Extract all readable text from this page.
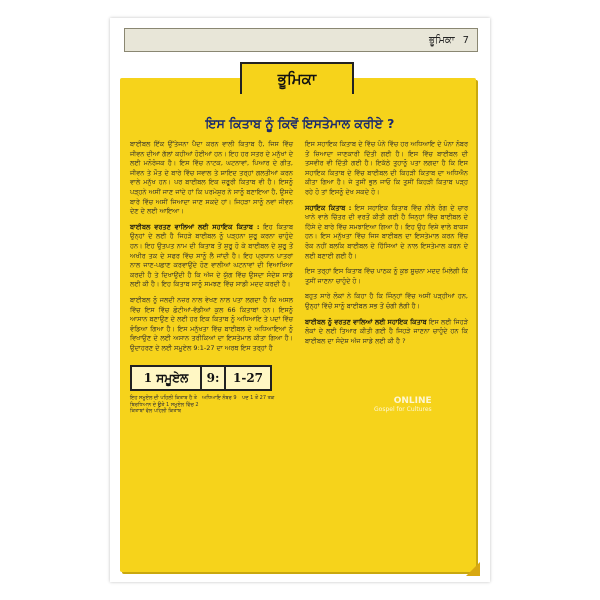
ਭੂਮਿਕਾ 7
ਭੂਮਿਕਾ
ਇਸ ਕਿਤਾਬ ਨੂੰ ਕਿਵੇਂ ਇਸਤੇਮਾਲ ਕਰੀਏ ?

ਬਾਈਬਲ ਇੱਕ ਉੱਤੇਜਨਾ ਪੈਦਾ ਕਰਨ ਵਾਲੀ ਕਿਤਾਬ ਹੈ, ਜਿਸ ਵਿੱਚ ਜੀਵਨ ਦੀਆਂ ਗੱਲਾਂ ਕਹੀਆਂ ਹੋਈਆਂ ਹਨ। ਇਹ ਹਰ ਸਤਰ ਦੇ ਮਨੁੱਖਾਂ ਦੇ ਲਈ ਮਨੋਰੰਜਕ ਹੈ। ਇਸ ਵਿੱਚ ਨਾਟਕ, ਘਟਨਾਵਾਂ, ਪਿਆਰ ਦੇ ਗੀਤ, ਜੀਵਨ ਤੇ ਮੌਤ ਦੇ ਬਾਰੇ ਵਿੱਚ ਸਵਾਲ ਤੇ ਸ਼ਾਇਦ ਤਰ੍ਹਾਂ ਗਲਤੀਆਂ ਕਰਨ ਵਾਲੇ ਮਨੁੱਖ ਹਨ। ਪਰ ਬਾਈਬਲ ਇਕ ਜ਼ਰੂਰੀ ਕਿਤਾਬ ਵੀ ਹੈ। ਇਸਨੂੰ ਪੜ੍ਹਨੇ ਅਸੀਂ ਜਾਣ ਜਾਂਦੇ ਹਾਂ ਕਿ ਪਰਮੇਸ਼ੁਰ ਨੇ ਸਾਨੂੰ ਬਣਾਇਆ ਹੈ, ਉਸਦੇ ਬਾਰੇ ਵਿੱਚ ਅਸੀਂ ਜਿਆਦਾ ਜਾਣ ਸਕਦੇ ਹਾਂ। ਜਿਹੜਾ ਸਾਨੂੰ ਨਵਾਂ ਜੀਵਨ ਦੇਣ ਦੇ ਲਈ ਆਇਆ।

ਬਾਈਬਲ ਵਰਤਣ ਵਾਲਿਆਂ ਲਈ ਸਹਾਇਕ ਕਿਤਾਬ : ਇਹ ਕਿਤਾਬ ਉਨ੍ਹਾਂ ਦੇ ਲਈ ਹੈ ਜਿਹੜੇ ਬਾਈਬਲ ਨੂੰ ਪੜ੍ਹਨਾ ਸ਼ੁਰੂ ਕਰਨਾ ਚਾਹੁੰਦੇ ਹਨ। ਇਹ ਉਤਪਤ ਨਾਮ ਦੀ ਕਿਤਾਬ ਤੋਂ ਸ਼ੁਰੂ ਹੋ ਕੇ ਬਾਈਬਲ ਦੇ ਸ਼ੁਰੂ ਤੋਂ ਅਖੀਰ ਤਕ ਦੇ ਸਫਰ ਵਿੱਚ ਸਾਨੂੰ ਲੈ ਜਾਂਦੀ ਹੈ। ਇਹ ਪ੍ਰਧਾਨ ਪਾਤਰਾਂ ਨਾਲ ਜਾਣ-ਪਛਾਣ ਕਰਵਾਉਂਦੇ ਹੋਣ ਵਾਲੀਆਂ ਘਟਨਾਵਾਂ ਦੀ ਵਿਆਖਿਆ ਕਰਦੀ ਹੈ ਤੇ ਦਿਖਾਉਂਦੀ ਹੈ ਕਿ ਅੱਜ ਦੇ ਯੁੱਗ ਵਿੱਚ ਉਸਦਾ ਸੰਦੇਸ਼ ਸਾਡੇ ਲਈ ਕੀ ਹੈ। ਇਹ ਕਿਤਾਬ ਸਾਨੂੰ ਸਮਝਣ ਵਿੱਚ ਸਾਡੀ ਮਦਦ ਕਰਦੀ ਹੈ।

ਬਾਈਬਲ ਨੂੰ ਜਲਦੀ ਨਜ਼ਰ ਨਾਲ ਵੇਖਣ ਨਾਲ ਪਤਾ ਲਗਦਾ ਹੈ ਕਿ ਅਸਲ ਵਿੱਚ ਇਸ ਵਿੱਚ ਛੋਟੀਆਂ-ਵੱਡੀਆਂ ਕੁਲ 66 ਕਿਤਾਬਾਂ ਹਨ। ਇਸਨੂੰ ਆਸਾਨ ਬਣਾਉਣ ਦੇ ਲਈ ਹਰ ਇਕ ਕਿਤਾਬ ਨੂੰ ਅਧਿਆਇ ਤੇ ਪਦਾਂ ਵਿੱਚ ਵੰਡਿਆ ਗਿਆ ਹੈ। ਇਸ ਮਨੁੱਖਤਾ ਵਿੱਚ ਬਾਈਬਲ ਦੇ ਅਧਿਆਇਆਂ ਨੂੰ ਵਿਖਾਉਣ ਦੇ ਲਈ ਅਸਾਨ ਤਰੀਕਿਆਂ ਦਾ ਇਸਤੇਮਾਲ ਕੀਤਾ ਗਿਆ ਹੈ। ਉਦਾਹਰਣ ਦੇ ਲਈ ਸਮੂਏਲ 9:1-27 ਦਾ ਅਰਥ ਇਸ ਤਰ੍ਹਾਂ ਹੈ

1 ਸਮੂਏਲ	9:	1-27
ਇਹ ਸਮੂਏਲ ਦੀ ਪਹਿਲੀ ਕਿਤਾਬ ਹੈ ਤੇ ਬਿਰਧਿਆਨ ਦੇ ਉਤੇ 1 ਸਮੂਏਲ ਵਿੱਚ 2 ਕਿਤਾਬਾਂ ਵੱਲ ਪਹਿਲੀ ਕਿਤਾਬ
ਅਧਿਆਇ ਨੰਬਰ 9	ਪਦ 1 ਤੋਂ 27 ਤਕ

ਇਸ ਸਹਾਇਕ ਕਿਤਾਬ ਦੇ ਵਿੱਚ ਪੰਨੇ ਵਿੱਚ ਹਰ ਅਧਿਆਇ ਦੇ ਪੰਨਾ ਨੰਬਰ ਤੋਂ ਜ਼ਿਆਦਾ ਜਾਣਕਾਰੀ ਦਿੱਤੀ ਗਈ ਹੈ। ਇਸ ਵਿੱਚ ਬਾਈਬਲ ਦੀ ਤਸਵੀਰ ਵੀ ਦਿੱਤੀ ਗਈ ਹੈ। ਇਕੱਠੇ ਤੁਹਾਨੂੰ ਪਤਾ ਲਗਦਾ ਹੈ ਕਿ ਇਸ ਸਹਾਇਕ ਕਿਤਾਬ ਦੇ ਵਿੱਚ ਬਾਈਬਲ ਦੀ ਕਿਹੜੀ ਕਿਤਾਬ ਦਾ ਅਧਿਐਨ ਕੀਤਾ ਗਿਆ ਹੈ। ਜੇ ਤੁਸੀਂ ਭੁਲ ਜਾਓ ਕਿ ਤੁਸੀਂ ਕਿਹੜੀ ਕਿਤਾਬ ਪੜ੍ਹ ਰਹੇ ਹੋ ਤਾਂ ਇਸਨੂੰ ਦੇਖ ਸਕਦੇ ਹੋ।

ਸਹਾਇਕ ਕਿਤਾਬ : ਇਸ ਸਹਾਇਕ ਕਿਤਾਬ ਵਿੱਚ ਨੀਲੇ ਰੰਗ ਦੇ ਚਾਰ ਖਾਨੇ ਵਾਲੇ ਚਿੱਤਰ ਦੀ ਵਰਤੋਂ ਕੀਤੀ ਗਈ ਹੈ ਜਿਨ੍ਹਾਂ ਵਿੱਚ ਬਾਈਬਲ ਦੇ ਹਿੱਸੇ ਦੇ ਬਾਰੇ ਵਿੱਚ ਸਮਝਾਇਆ ਗਿਆ ਹੈ। ਇਹ ਉਹ ਵਿਸ਼ੇ ਵਾਲੇ ਬਾਕਸ ਹਨ। ਇਸ ਮਨੁੱਖਤਾ ਵਿੱਚ ਜਿਸ ਬਾਈਬਲ ਦਾ ਇਸਤੇਮਾਲ ਕਰਨ ਵਿੱਚ ਰੋਕ ਨਹੀਂ ਬਲਕਿ ਬਾਈਬਲ ਦੇ ਹਿੱਸਿਆਂ ਦੇ ਨਾਲ ਇਸਤੇਮਾਲ ਕਰਨ ਦੇ ਲਈ ਬਣਾਈ ਗਈ ਹੈ।

ਇਸ ਤਰ੍ਹਾਂ ਇਸ ਕਿਤਾਬ ਵਿੱਚ ਪਾਠਕ ਨੂੰ ਕੁਝ ਸੂਚਨਾ ਮਦਦ ਮਿਲੇਗੀ ਕਿ ਤੁਸੀਂ ਜਾਣਨਾ ਚਾਹੁੰਦੇ ਹੋ।

ਬਹੁਤ ਸਾਰੇ ਲੋਕਾਂ ਨੇ ਕਿਹਾ ਹੈ ਕਿ ਜਿੰਨ੍ਹਾਂ ਵਿੱਚ ਅਸੀਂ ਪੜ੍ਹੀਆਂ ਹਨ, ਉਨ੍ਹਾਂ ਵਿੱਚੋਂ ਸਾਨੂੰ ਬਾਈਬਲ ਸਭ ਤੋਂ ਚੰਗੀ ਲੱਗੀ ਹੈ।

ਬਾਈਬਲ ਨੂੰ ਵਰਤਣ ਵਾਲਿਆਂ ਲਈ ਸਹਾਇਕ ਕਿਤਾਬ ਇਸ ਲਈ ਜਿਹੜੇ ਲੋਕਾਂ ਦੇ ਲਈ ਤਿਆਰ ਕੀਤੀ ਗਈ ਹੈ ਜਿਹੜੇ ਜਾਣਨਾ ਚਾਹੁੰਦੇ ਹਨ ਕਿ ਬਾਈਬਲ ਦਾ ਸੰਦੇਸ਼ ਅੱਜ ਸਾਡੇ ਲਈ ਕੀ ਹੈ ?

ONLINE
Gospel for Cultures
